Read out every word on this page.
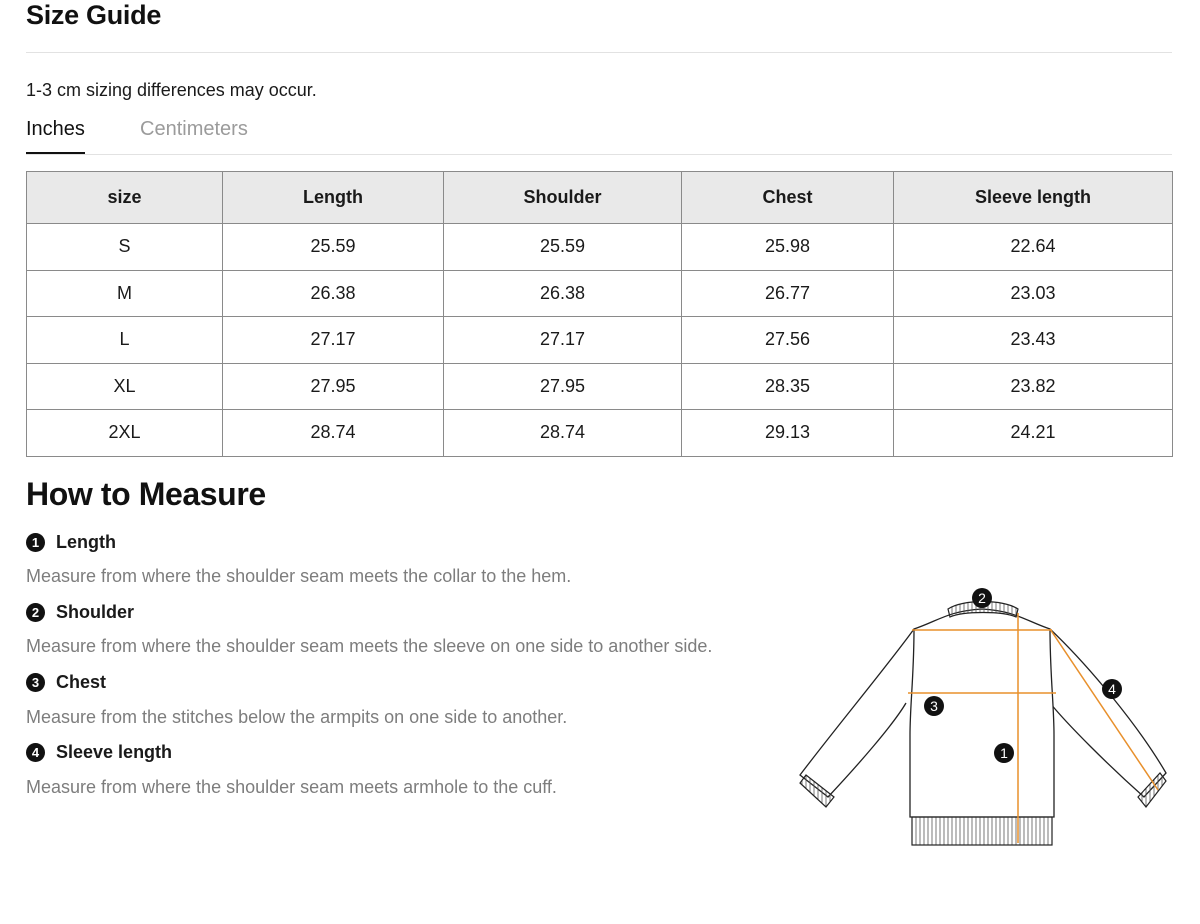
Size Guide
1-3 cm sizing differences may occur.
Inches	Centimeters
size	Length	Shoulder	Chest	Sleeve length
S	25.59	25.59	25.98	22.64
M	26.38	26.38	26.77	23.03
L	27.17	27.17	27.56	23.43
XL	27.95	27.95	28.35	23.82
2XL	28.74	28.74	29.13	24.21
How to Measure
1 Length
Measure from where the shoulder seam meets the collar to the hem.
2 Shoulder
Measure from where the shoulder seam meets the sleeve on one side to another side.
3 Chest
Measure from the stitches below the armpits on one side to another.
4 Sleeve length
Measure from where the shoulder seam meets armhole to the cuff.
2
3
1
4
